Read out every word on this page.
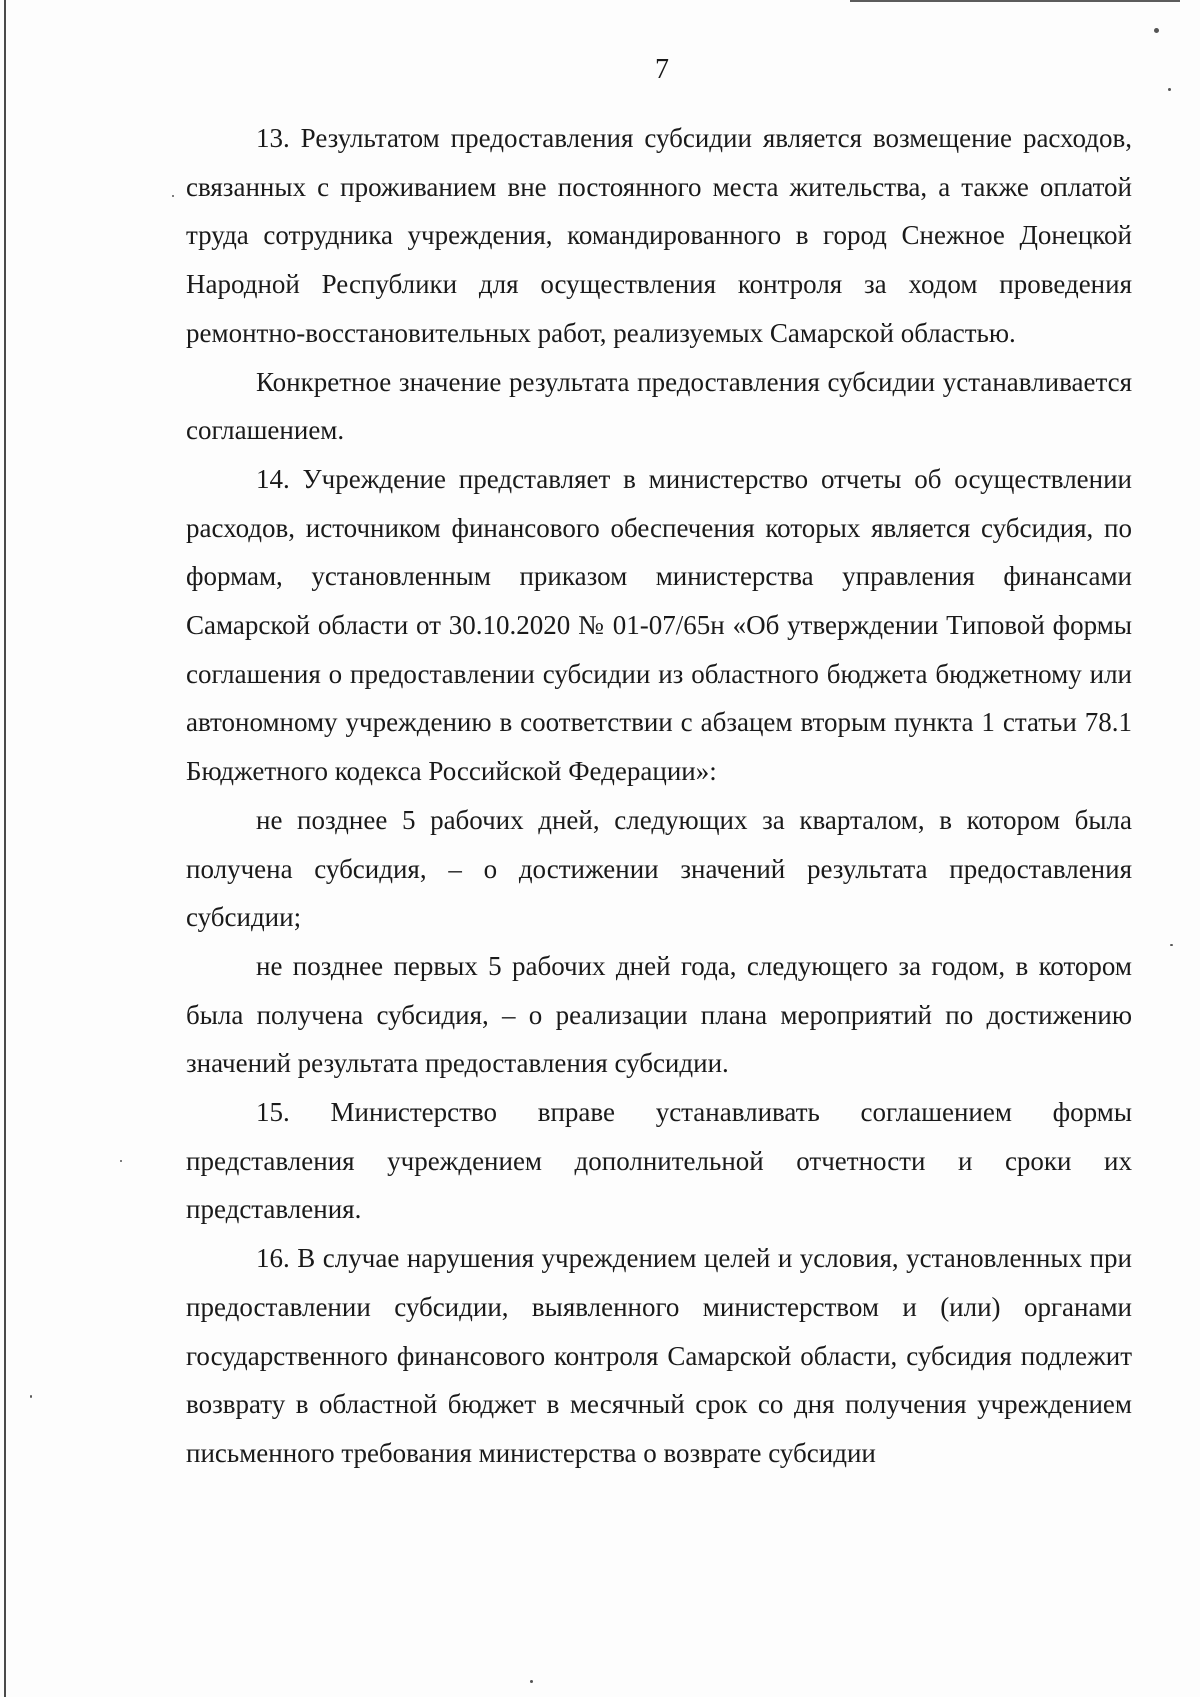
7

13. Результатом предоставления субсидии является возмещение расходов, связанных с проживанием вне постоянного места жительства, а также оплатой труда сотрудника учреждения, командированного в город Снежное Донецкой Народной Республики для осуществления контроля за ходом проведения ремонтно-восстановительных работ, реализуемых Самарской областью.

Конкретное значение результата предоставления субсидии устанавливается соглашением.

14. Учреждение представляет в министерство отчеты об осуществлении расходов, источником финансового обеспечения которых является субсидия, по формам, установленным приказом министерства управления финансами Самарской области от 30.10.2020 № 01-07/65н «Об утверждении Типовой формы соглашения о предоставлении субсидии из областного бюджета бюджетному или автономному учреждению в соответствии с абзацем вторым пункта 1 статьи 78.1 Бюджетного кодекса Российской Федерации»:

не позднее 5 рабочих дней, следующих за кварталом, в котором была получена субсидия, – о достижении значений результата предоставления субсидии;

не позднее первых 5 рабочих дней года, следующего за годом, в котором была получена субсидия, – о реализации плана мероприятий по достижению значений результата предоставления субсидии.

15. Министерство вправе устанавливать соглашением формы представления учреждением дополнительной отчетности и сроки их представления.

16. В случае нарушения учреждением целей и условия, установленных при предоставлении субсидии, выявленного министерством и (или) органами государственного финансового контроля Самарской области, субсидия подлежит возврату в областной бюджет в месячный срок со дня получения учреждением письменного требования министерства о возврате субсидии
